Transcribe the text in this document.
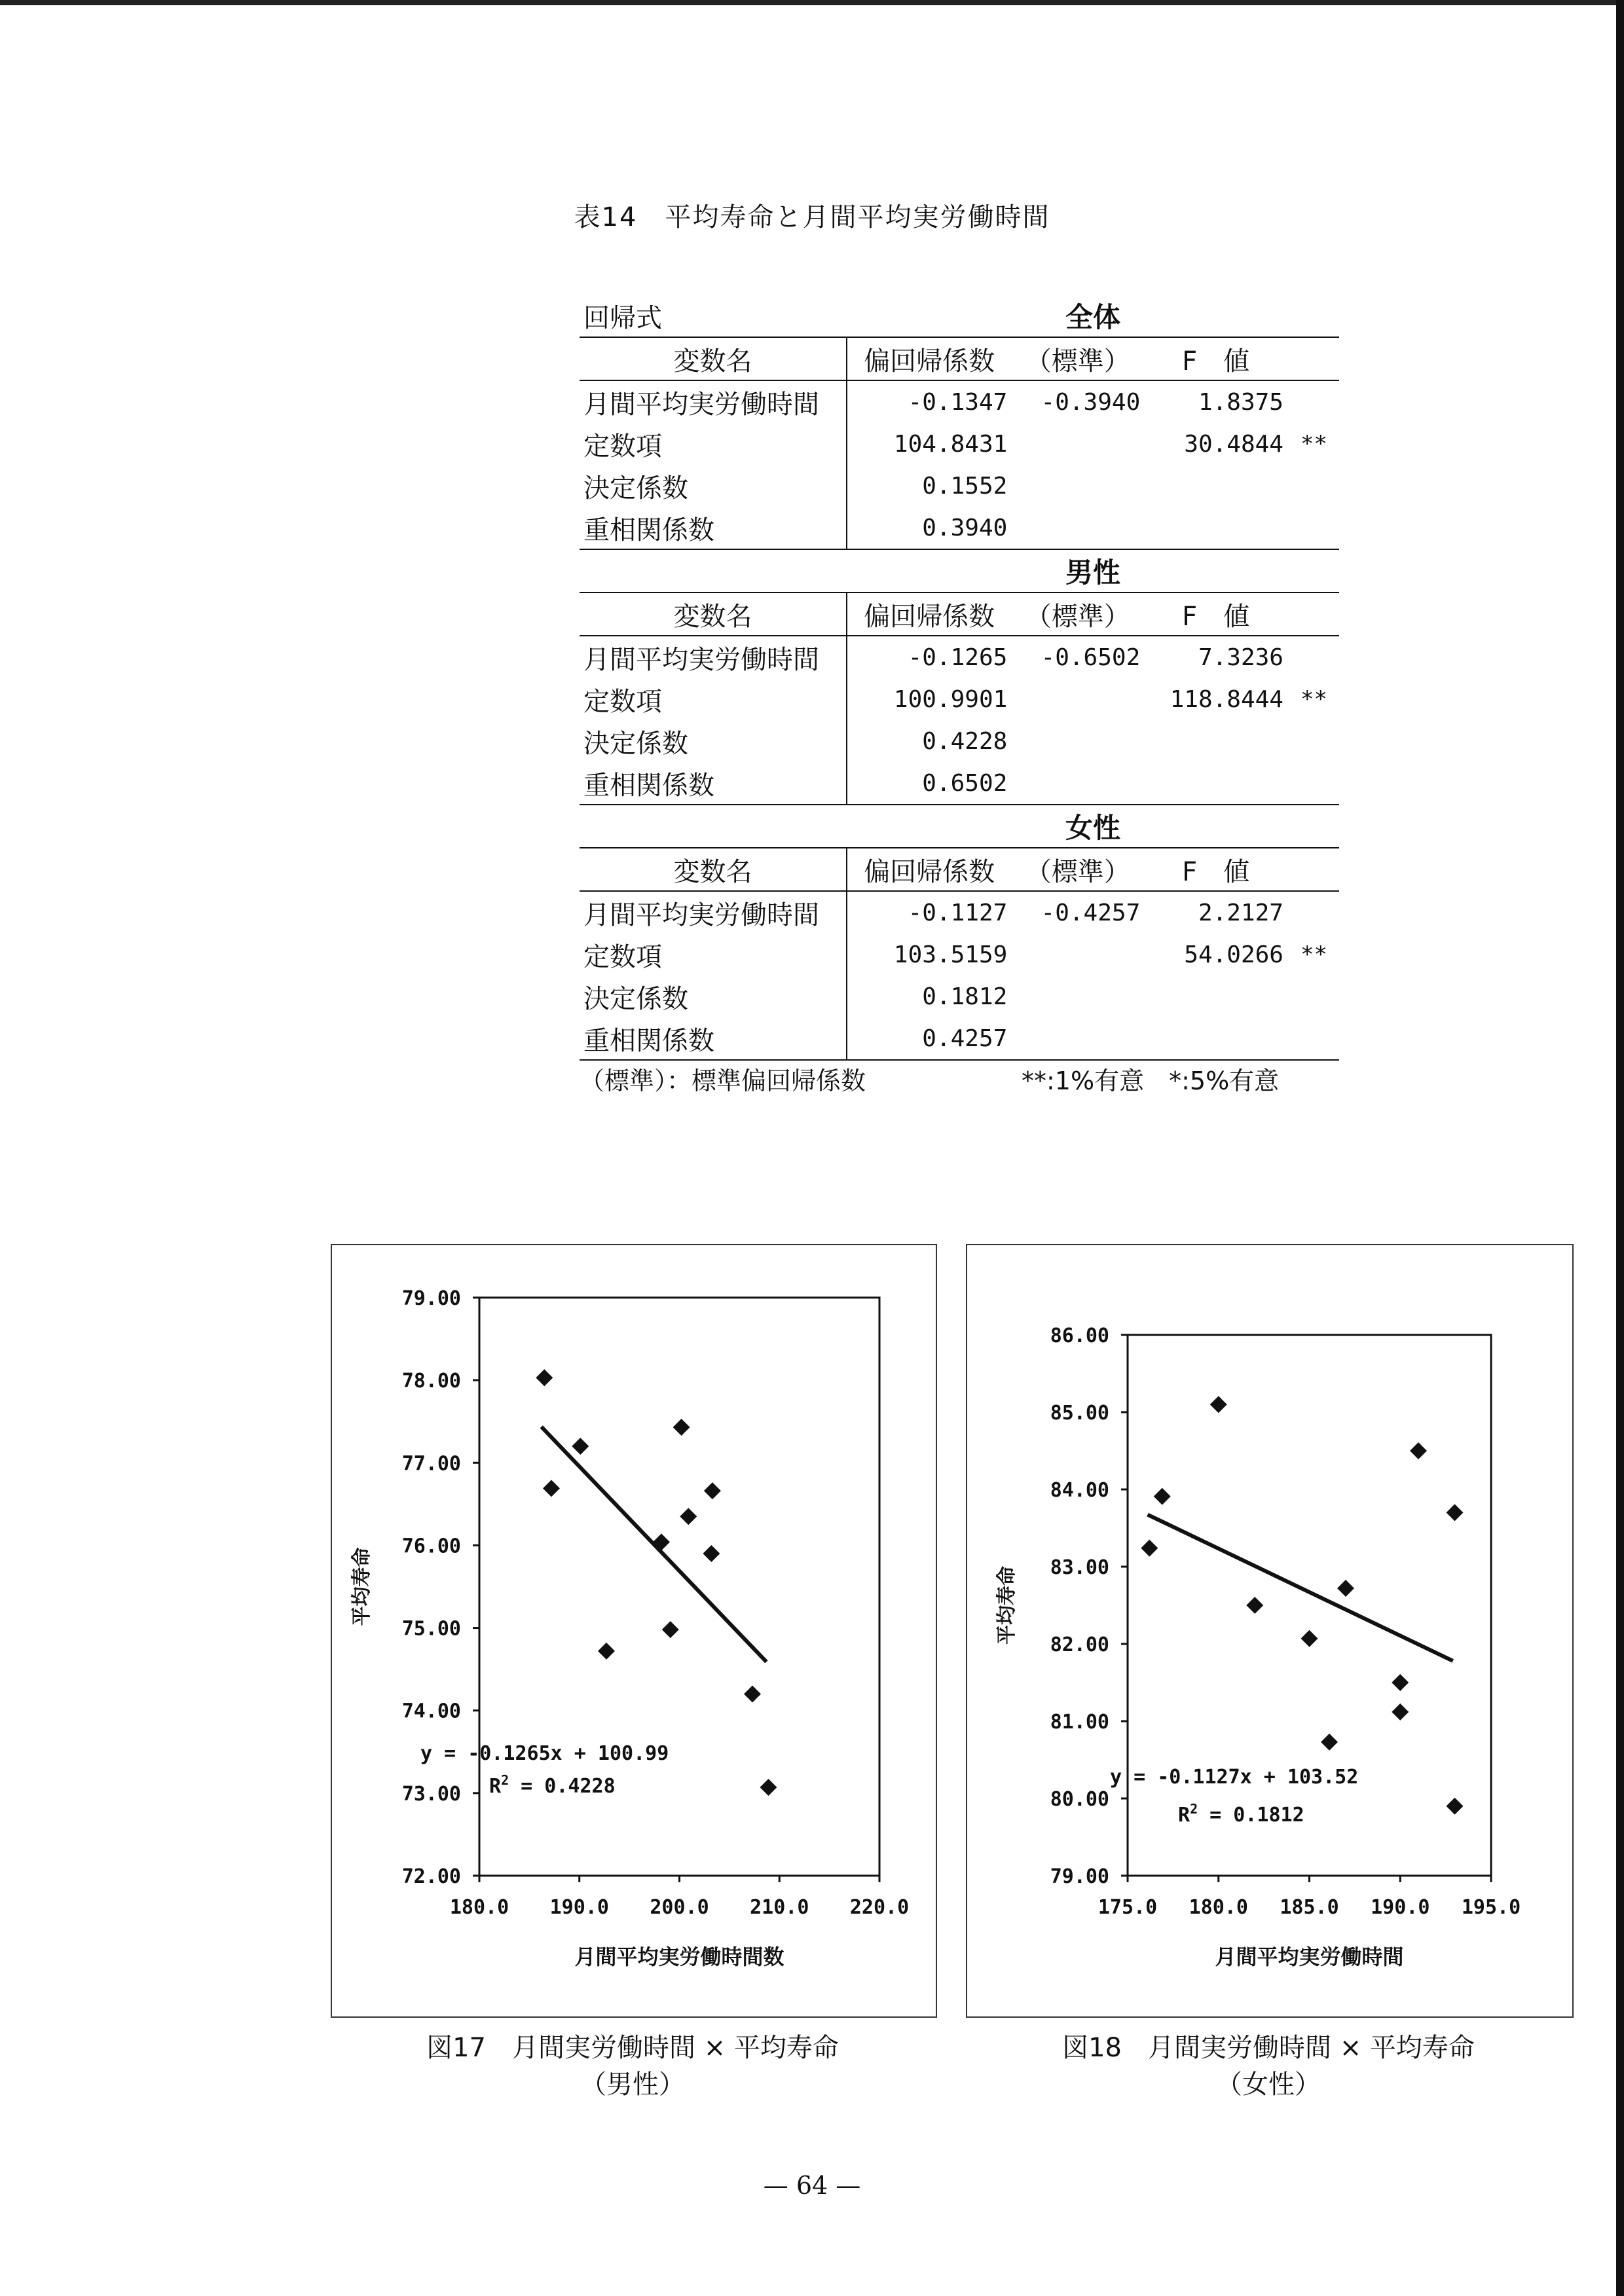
表14　平均寿命と月間平均実労働時間
回帰式	全体			
変数名	偏回帰係数	（標準）	F　値	
月間平均実労働時間	-0.1347	-0.3940	1.8375	
定数項	104.8431		30.4844	**
決定係数	0.1552			
重相関係数	0.3940			
	男性			
変数名	偏回帰係数	（標準）	F　値	
月間平均実労働時間	-0.1265	-0.6502	7.3236	
定数項	100.9901		118.8444	**
決定係数	0.4228			
重相関係数	0.6502			
	女性			
変数名	偏回帰係数	（標準）	F　値	
月間平均実労働時間	-0.1127	-0.4257	2.2127	
定数項	103.5159		54.0266	**
決定係数	0.1812			
重相関係数	0.4257			
（標準）：標準偏回帰係数	**:1%有意　*:5%有意
72.00
73.00
74.00
75.00
76.00
77.00
78.00
79.00
180.0 190.0 200.0 210.0 220.0
月間平均実労働時間数
平均寿命
y = -0.1265x + 100.99
$R^2 = 0.4228$
79.00
80.00
81.00
82.00
83.00
84.00
85.00
86.00
175.0 180.0 185.0 190.0 195.0
月間平均実労働時間
平均寿命
y = -0.1127x + 103.52
$R^2 = 0.1812$
図17　月間実労働時間 × 平均寿命
（男性）
図18　月間実労働時間 × 平均寿命
（女性）
— 64 —
